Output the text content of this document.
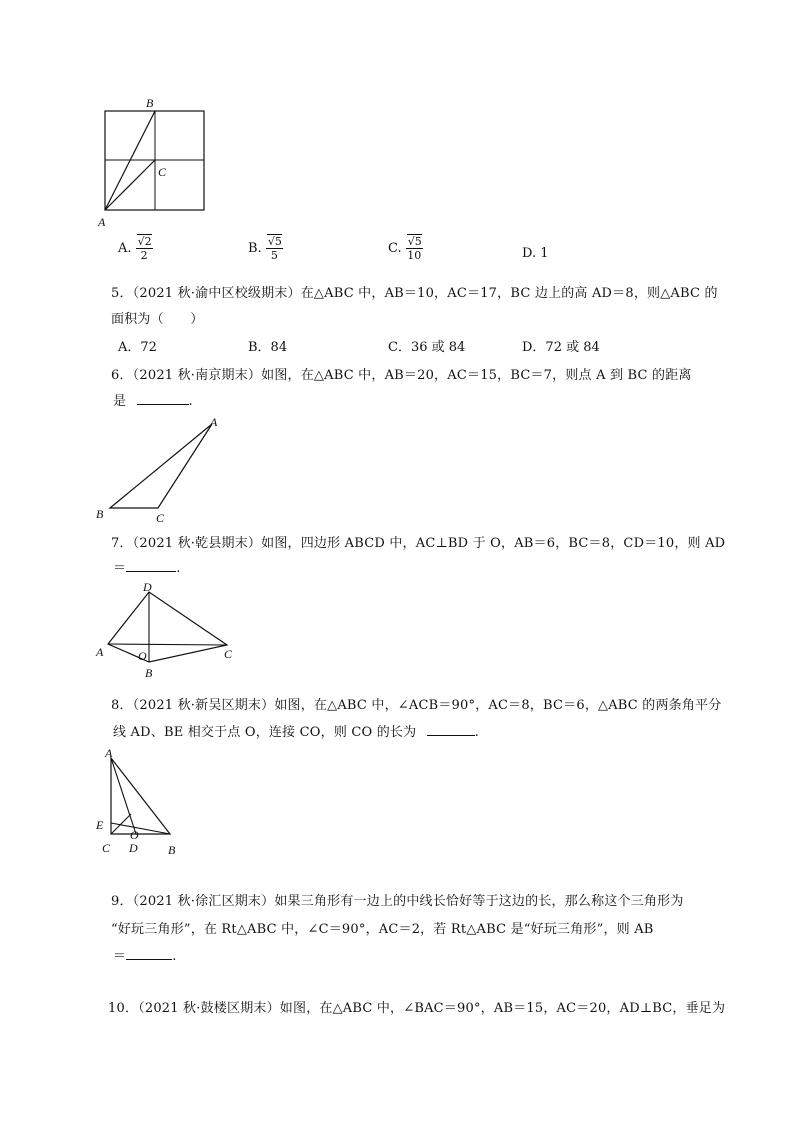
B
C
A
A. $\frac{√2}{2}$	B. $\frac{√5}{5}$	C. $\frac{√5}{10}$	D. 1
5．（2021 秋·渝中区校级期末）在△ABC 中，AB＝10，AC＝17，BC 边上的高 AD＝8，则△ABC 的
面积为（　　）
A．72	B．84	C．36 或 84	D．72 或 84
6．（2021 秋·南京期末）如图，在△ABC 中，AB＝20，AC＝15，BC＝7，则点 A 到 BC 的距离
是	.
A
B	C
7．（2021 秋·乾县期末）如图，四边形 ABCD 中，AC⊥BD 于 O，AB＝6，BC＝8，CD＝10，则 AD
＝	.
D
A	O	C
B
8．（2021 秋·新吴区期末）如图，在△ABC 中，∠ACB＝90°，AC＝8，BC＝6，△ABC 的两条角平分
线 AD、BE 相交于点 O，连接 CO，则 CO 的长为	.
A
E
O
C D	B
9．（2021 秋·徐汇区期末）如果三角形有一边上的中线长恰好等于这边的长，那么称这个三角形为
“好玩三角形”，在 Rt△ABC 中，∠C＝90°，AC＝2，若 Rt△ABC 是“好玩三角形”，则 AB
＝	.
10．（2021 秋·鼓楼区期末）如图，在△ABC 中，∠BAC＝90°，AB＝15，AC＝20，AD⊥BC，垂足为
